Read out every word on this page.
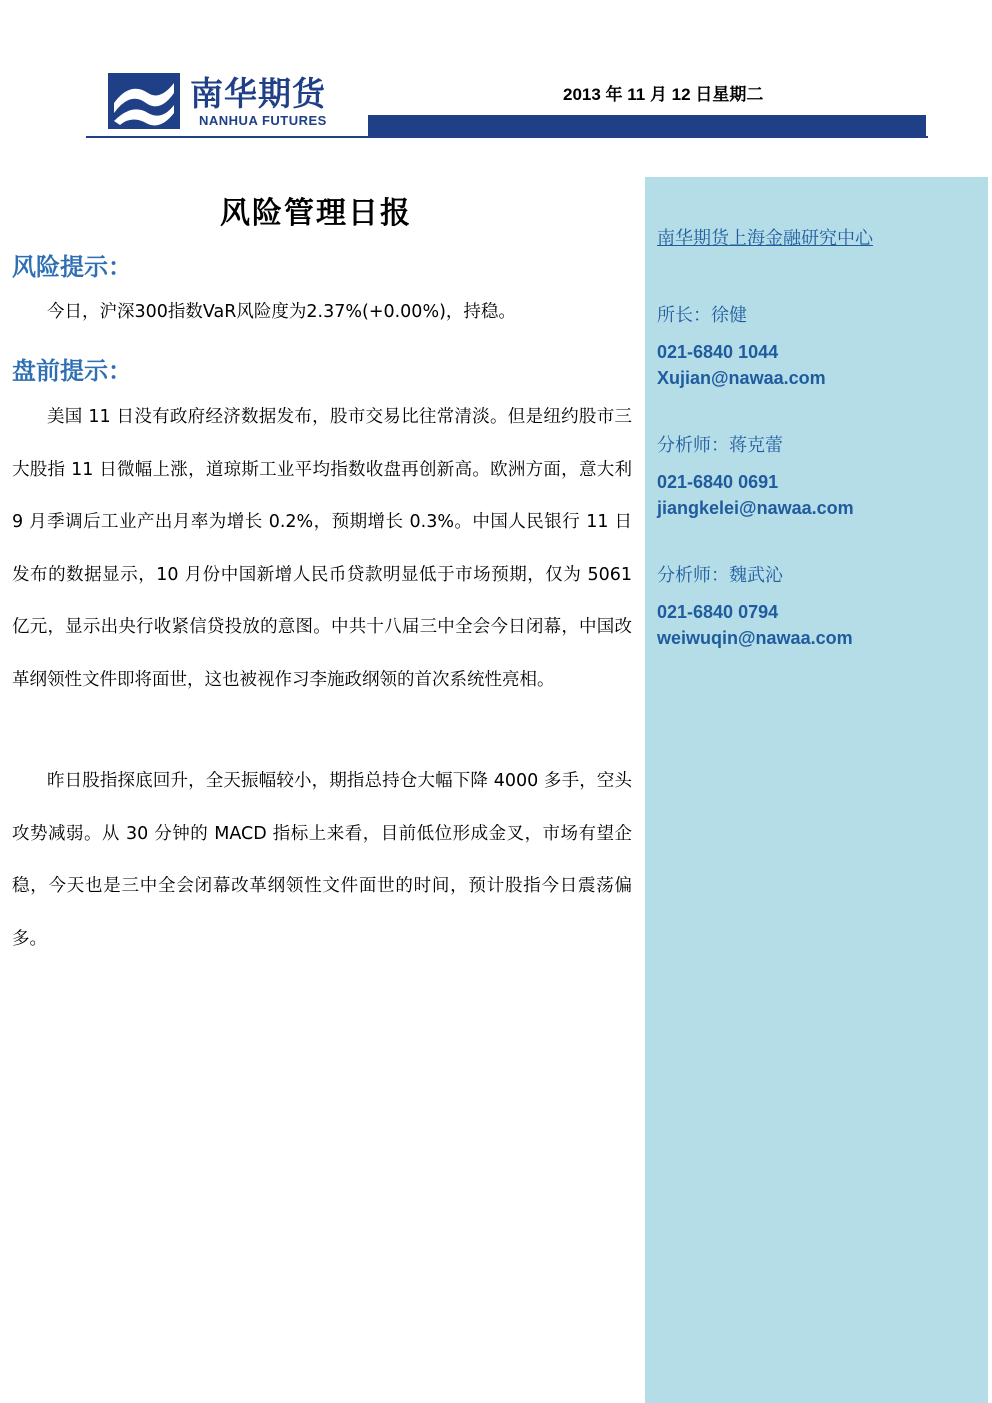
南华期货
NANHUA FUTURES
2013 年 11 月 12 日星期二
南华期货上海金融研究中心
所长：徐健
021-6840 1044
Xujian@nawaa.com
分析师：蒋克蕾
021-6840 0691
jiangkelei@nawaa.com
分析师：魏武沁
021-6840 0794
weiwuqin@nawaa.com
风险管理日报
风险提示：
今日，沪深300指数VaR风险度为2.37%(+0.00%)，持稳。
盘前提示：
美国 11 日没有政府经济数据发布，股市交易比往常清淡。但是纽约股市三大股指 11 日微幅上涨，道琼斯工业平均指数收盘再创新高。欧洲方面，意大利 9 月季调后工业产出月率为增长 0.2%，预期增长 0.3%。中国人民银行 11 日发布的数据显示，10 月份中国新增人民币贷款明显低于市场预期，仅为 5061 亿元，显示出央行收紧信贷投放的意图。中共十八届三中全会今日闭幕，中国改革纲领性文件即将面世，这也被视作习李施政纲领的首次系统性亮相。
昨日股指探底回升，全天振幅较小，期指总持仓大幅下降 4000 多手，空头攻势减弱。从 30 分钟的 MACD 指标上来看，目前低位形成金叉，市场有望企稳，今天也是三中全会闭幕改革纲领性文件面世的时间，预计股指今日震荡偏多。
